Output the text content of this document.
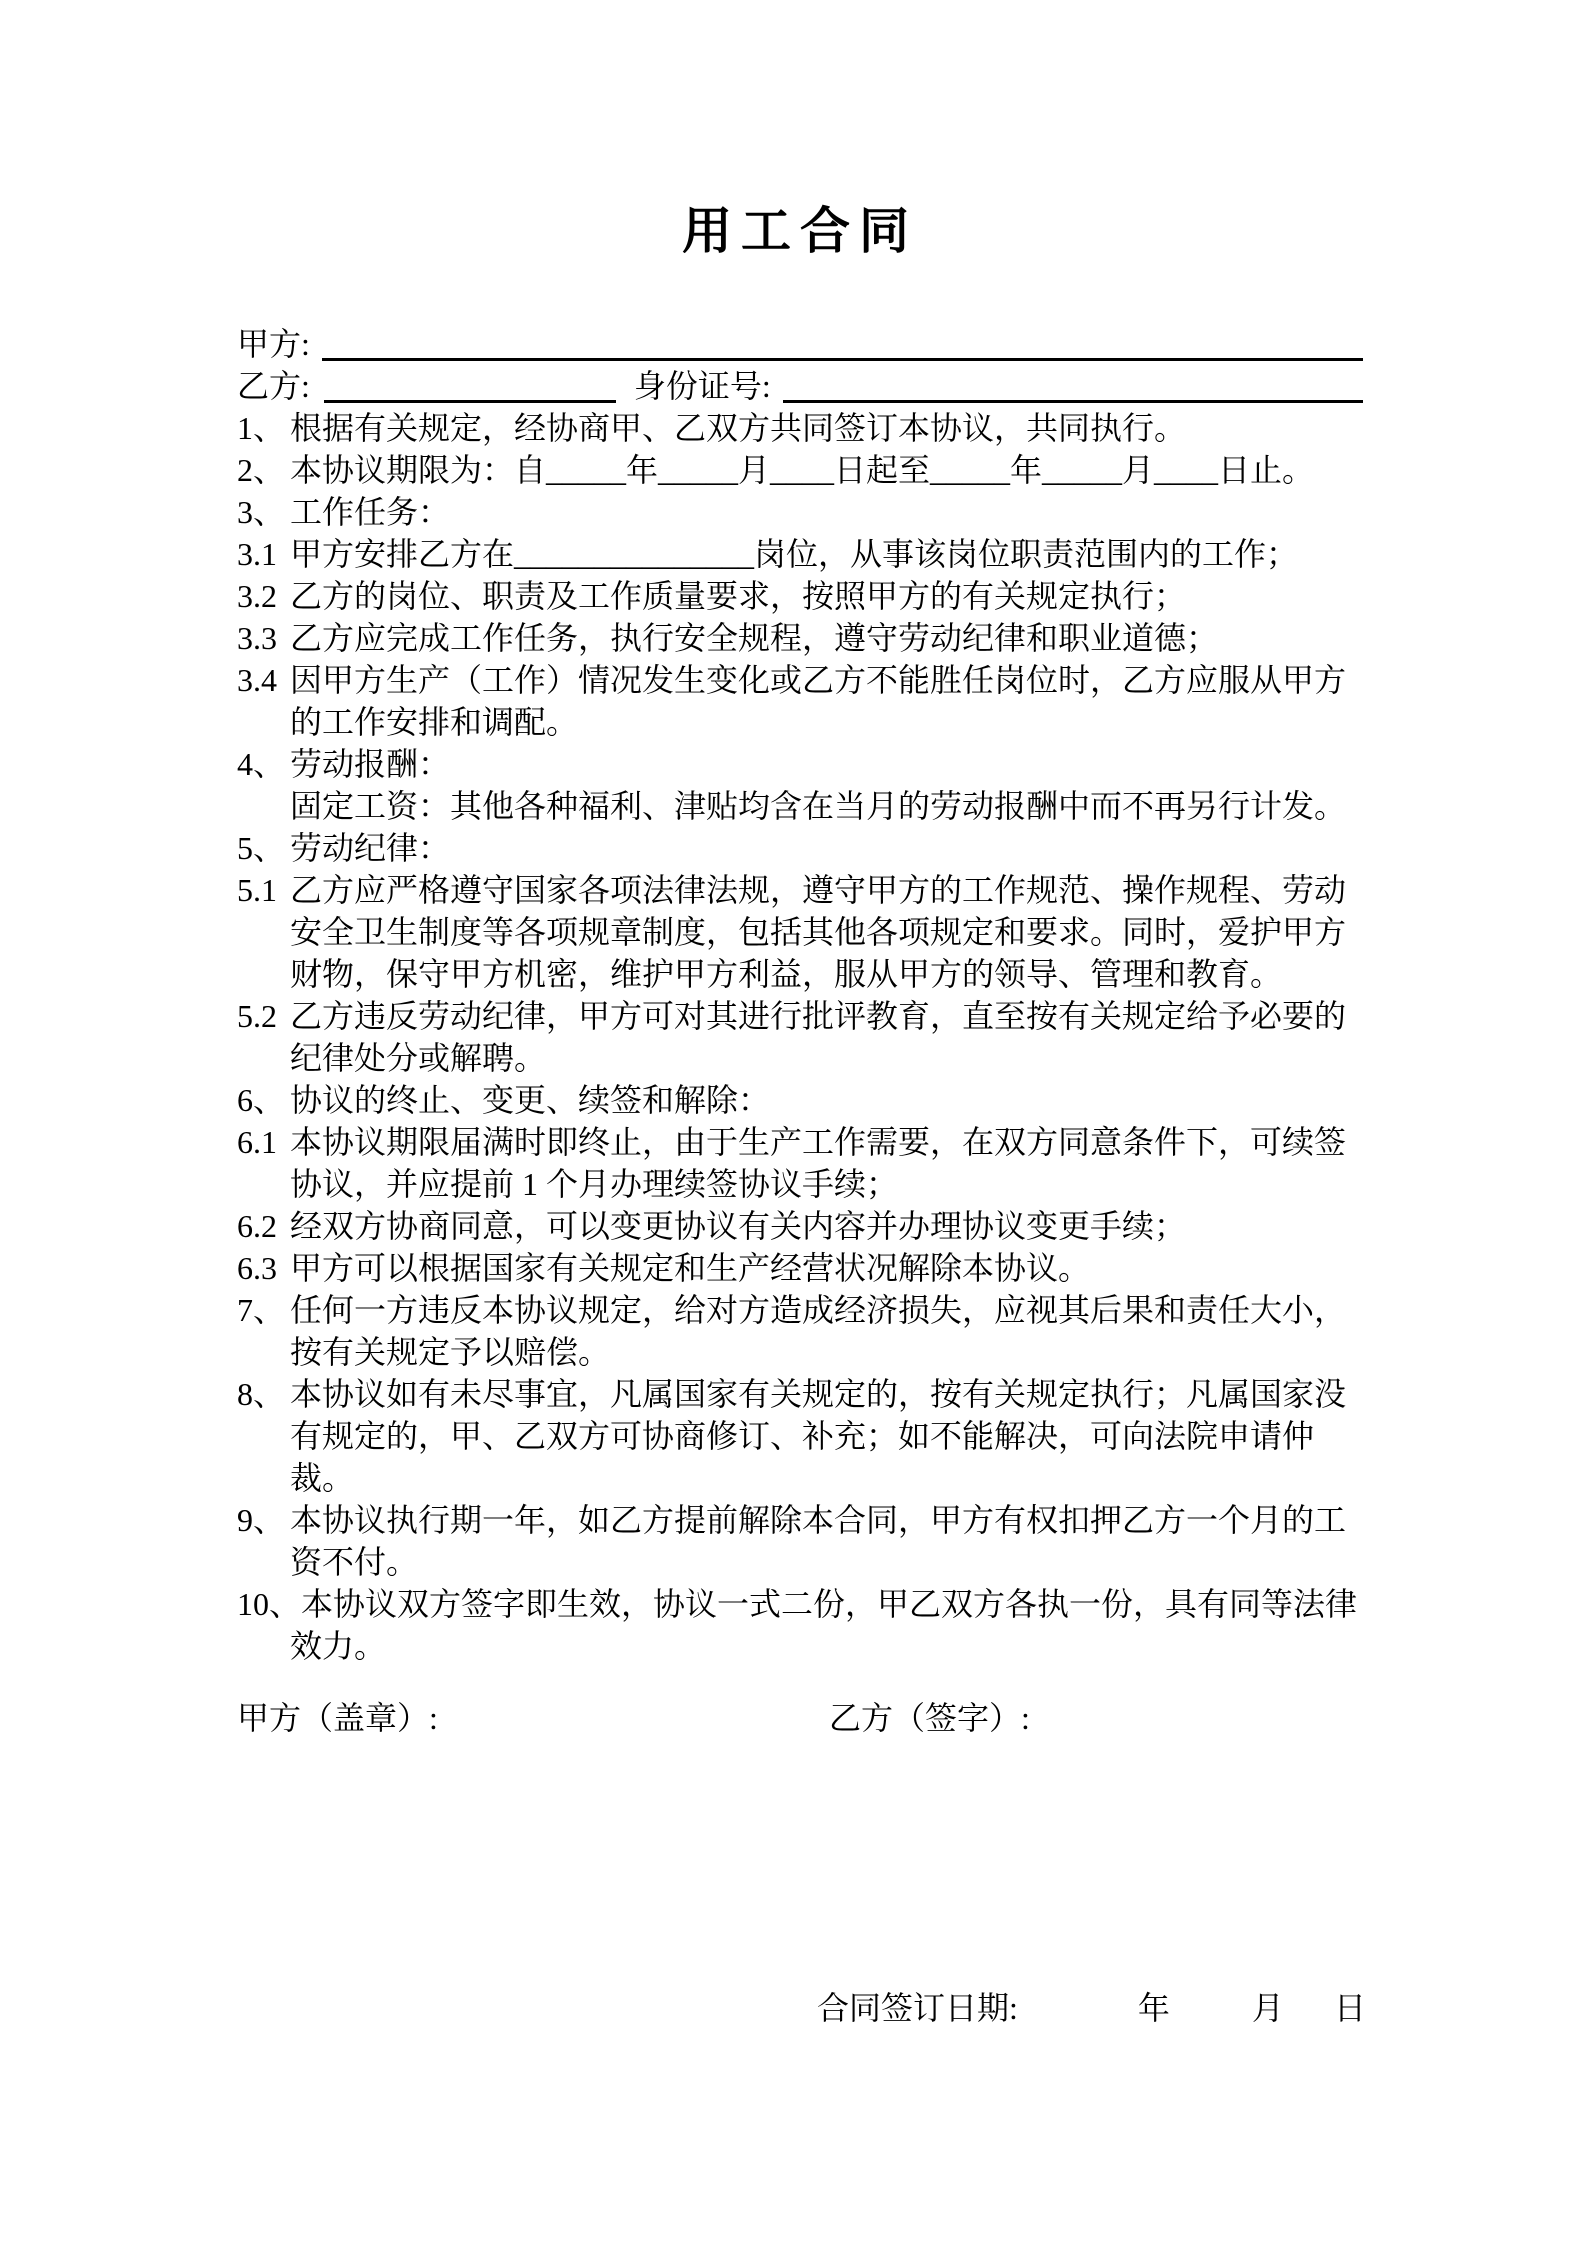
用工合同
甲方:
乙方:	身份证号:

1、 根据有关规定，经协商甲、乙双方共同签订本协议，共同执行。

2、 本协议期限为：自_____年_____月____日起至_____年_____月____日止。

3、 工作任务：

3.1 甲方安排乙方在_______________岗位，从事该岗位职责范围内的工作；

3.2 乙方的岗位、职责及工作质量要求，按照甲方的有关规定执行；

3.3 乙方应完成工作任务，执行安全规程，遵守劳动纪律和职业道德；

3.4 因甲方生产（工作）情况发生变化或乙方不能胜任岗位时，乙方应服从甲方的工作安排和调配。

4、 劳动报酬：

固定工资：其他各种福利、津贴均含在当月的劳动报酬中而不再另行计发。

5、 劳动纪律：

5.1 乙方应严格遵守国家各项法律法规，遵守甲方的工作规范、操作规程、劳动安全卫生制度等各项规章制度，包括其他各项规定和要求。同时，爱护甲方财物，保守甲方机密，维护甲方利益，服从甲方的领导、管理和教育。

5.2 乙方违反劳动纪律，甲方可对其进行批评教育，直至按有关规定给予必要的纪律处分或解聘。

6、 协议的终止、变更、续签和解除：

6.1 本协议期限届满时即终止，由于生产工作需要，在双方同意条件下，可续签协议，并应提前 1 个月办理续签协议手续；

6.2 经双方协商同意，可以变更协议有关内容并办理协议变更手续；

6.3 甲方可以根据国家有关规定和生产经营状况解除本协议。

7、 任何一方违反本协议规定，给对方造成经济损失，应视其后果和责任大小，按有关规定予以赔偿。

8、 本协议如有未尽事宜，凡属国家有关规定的，按有关规定执行；凡属国家没有规定的，甲、乙双方可协商修订、补充；如不能解决，可向法院申请仲裁。

9、 本协议执行期一年，如乙方提前解除本合同，甲方有权扣押乙方一个月的工资不付。

10、本协议双方签字即生效，协议一式二份，甲乙双方各执一份，具有同等法律效力。

甲方（盖章）:	乙方（签字）:
合同签订日期:	年	月 日
